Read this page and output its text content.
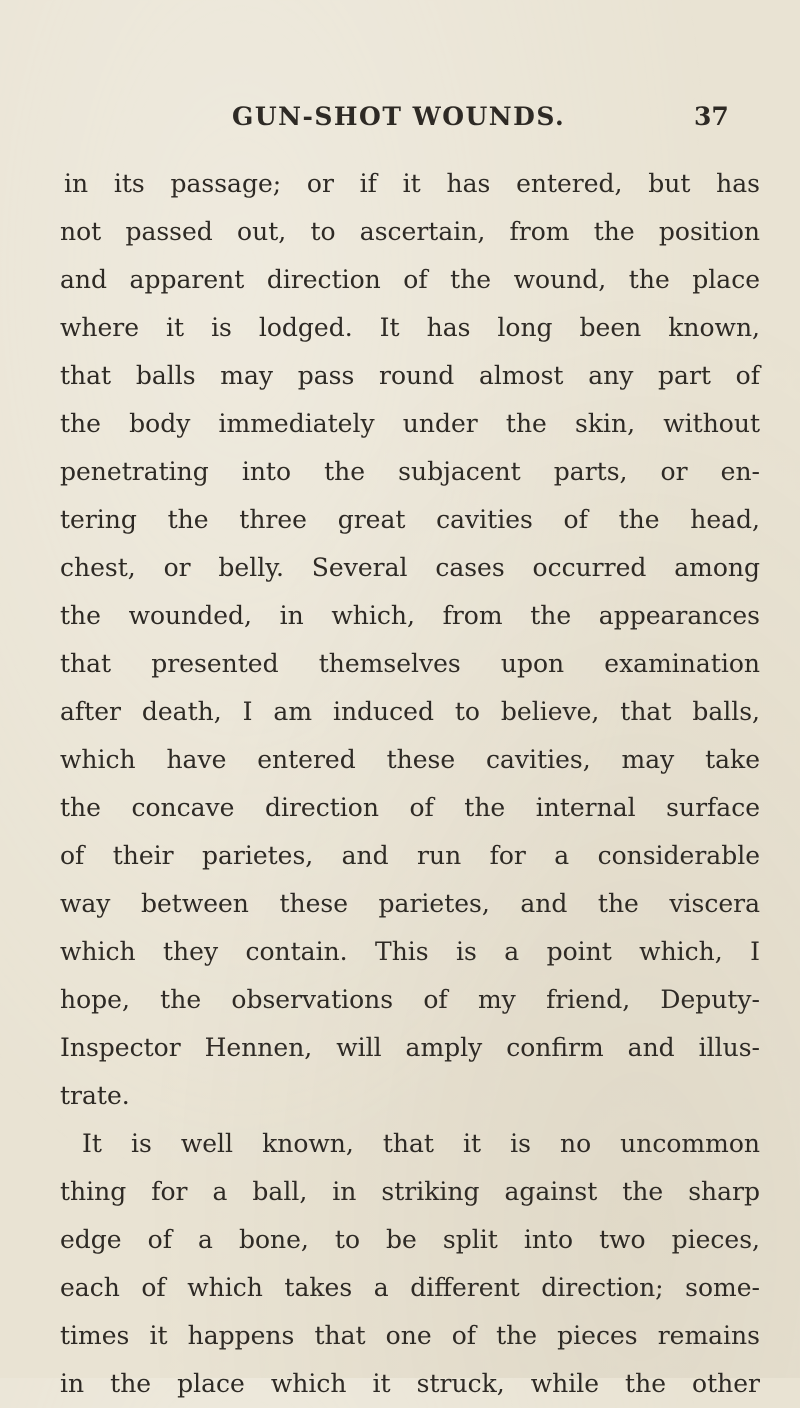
GUN-SHOT WOUNDS.	37
in its passage; or if it has entered, but has
not passed out, to ascertain, from the position
and apparent direction of the wound, the place
where it is lodged. It has long been known,
that balls may pass round almost any part of
the body immediately under the skin, without
penetrating into the subjacent parts, or en-
tering the three great cavities of the head,
chest, or belly. Several cases occurred among
the wounded, in which, from the appearances
that presented themselves upon examination
after death, I am induced to believe, that balls,
which have entered these cavities, may take
the concave direction of the internal surface
of their parietes, and run for a considerable
way between these parietes, and the viscera
which they contain. This is a point which, I
hope, the observations of my friend, Deputy-
Inspector Hennen, will amply confirm and illus-
trate.
It is well known, that it is no uncommon
thing for a ball, in striking against the sharp
edge of a bone, to be split into two pieces,
each of which takes a different direction; some-
times it happens that one of the pieces remains
in the place which it struck, while the other
